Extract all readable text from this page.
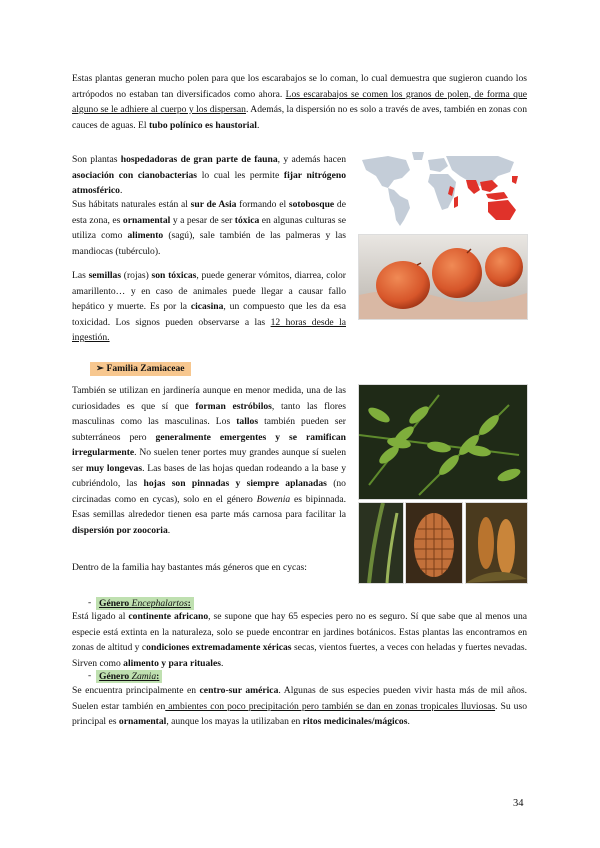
Estas plantas generan mucho polen para que los escarabajos se lo coman, lo cual demuestra que sugieron cuando los artrópodos no estaban tan diversificados como ahora. Los escarabajos se comen los granos de polen, de forma que alguno se le adhiere al cuerpo y los dispersan. Además, la dispersión no es solo a través de aves, también en zonas con cauces de aguas. El tubo polínico es haustorial.

Son plantas hospedadoras de gran parte de fauna, y además hacen asociación con cianobacterias lo cual les permite fijar nitrógeno atmosférico.

Sus hábitats naturales están al sur de Asia formando el sotobosque de esta zona, es ornamental y a pesar de ser tóxica en algunas culturas se utiliza como alimento (sagú), sale también de las palmeras y las mandiocas (tubérculo).

Las semillas (rojas) son tóxicas, puede generar vómitos, diarrea, color amarillento… y en caso de animales puede llegar a causar fallo hepático y muerte. Es por la cicasina, un compuesto que les da esa toxicidad. Los signos pueden observarse a las 12 horas desde la ingestión.

➢ Familia Zamiaceae

También se utilizan en jardinería aunque en menor medida, una de las curiosidades es que sí que forman estróbilos, tanto las flores masculinas como las masculinas. Los tallos también pueden ser subterráneos pero generalmente emergentes y se ramifican irregularmente. No suelen tener portes muy grandes aunque sí suelen ser muy longevas. Las bases de las hojas quedan rodeando a la base y cubriéndolo, las hojas son pinnadas y siempre aplanadas (no circinadas como en cycas), solo en el género Bowenia es bipinnada. Esas semillas alrededor tienen esa parte más carnosa para facilitar la dispersión por zoocoria.

Dentro de la familia hay bastantes más géneros que en cycas:

- Género Encephalartos:

Está ligado al continente africano, se supone que hay 65 especies pero no es seguro. Sí que sabe que al menos una especie está extinta en la naturaleza, solo se puede encontrar en jardines botánicos. Estas plantas las encontramos en zonas de altitud y condiciones extremadamente xéricas secas, vientos fuertes, a veces con heladas y fuertes nevadas. Sirven como alimento y para rituales.

- Género Zamia:

Se encuentra principalmente en centro-sur américa. Algunas de sus especies pueden vivir hasta más de mil años. Suelen estar también en ambientes con poco precipitación pero también se dan en zonas tropicales lluviosas. Su uso principal es ornamental, aunque los mayas la utilizaban en ritos medicinales/mágicos.

34
